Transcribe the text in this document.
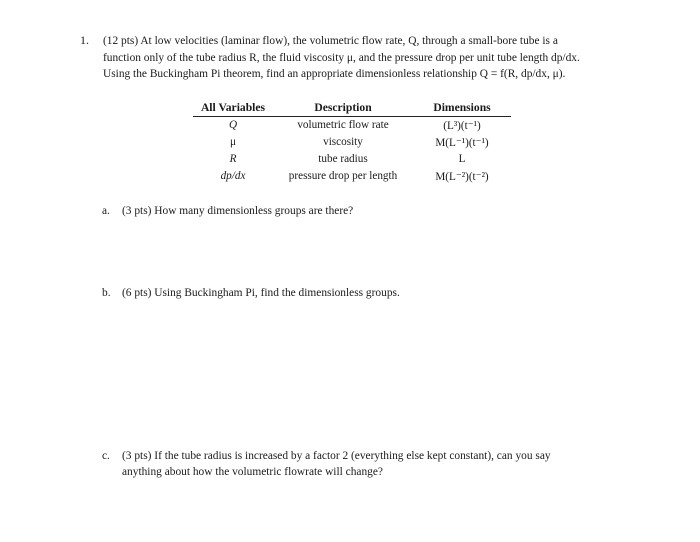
1. (12 pts) At low velocities (laminar flow), the volumetric flow rate, Q, through a small-bore tube is a
function only of the tube radius R, the fluid viscosity μ, and the pressure drop per unit tube length dp/dx.
Using the Buckingham Pi theorem, find an appropriate dimensionless relationship Q = f(R, dp/dx, μ).
All Variables	Description	Dimensions
Q	volumetric flow rate	(L³)(t⁻¹)
μ	viscosity	M(L⁻¹)(t⁻¹)
R	tube radius	L
dp/dx	pressure drop per length	M(L⁻²)(t⁻²)
a. (3 pts) How many dimensionless groups are there?
b. (6 pts) Using Buckingham Pi, find the dimensionless groups.
c. (3 pts) If the tube radius is increased by a factor 2 (everything else kept constant), can you say
anything about how the volumetric flowrate will change?
